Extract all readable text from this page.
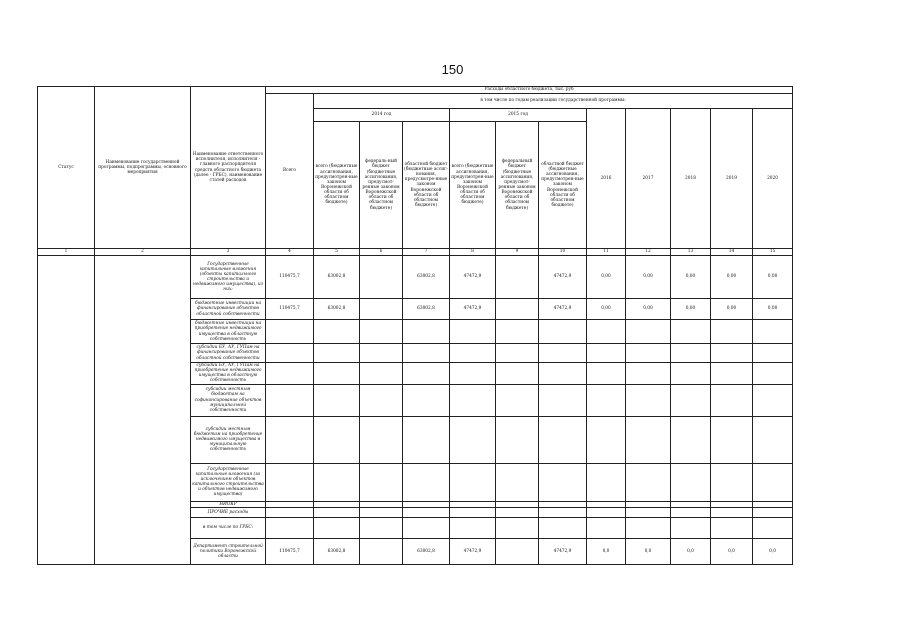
150
Статус	Наименование государственной программы, подпрограммы, основного мероприятия	Наименование ответственного исполнителя, исполнителя - главного распорядителя средств областного бюджета (далее - ГРБС), наименование статей расходов	Расходы областного бюджета, тыс. руб											
			Всего	в том числе по годам реализации государственной программы:										
				2014 год			2015 год			2016	2017	2018	2019	2020
				всего (бюджетные ассигнования, предусмотрен-ные законом Воронежской области об областном бюджете)	федераль-ный бюджет (бюджетные ассигнования, предусмот-ренные законом Воронежской области об областном бюджете)	областной бюджет (бюджетные ассиг-нования, предусмотре-нные законом Воронежской области об областном бюджете)	всего (бюджетные ассигнования, предусмотрен-ные законом Воронежской области об областном бюджете)	федеральный бюджет (бюджетные ассигнования, предусмот-ренные законом Воронежской области об областном бюджете)	областной бюджет (бюджетные ассигнования, предусмотрен-ные законом Воронежской области об областном бюджете)					
1	2	3	4	5	6	7	8	9	10	11	12	13	14	15
		Государственные капитальные вложения (объекты капитального строительства и недвижимого имущества), из них:	110475,7	63002,8		63002,8	47472,9		47472,9	0,00	0,00	0,00	0,00	0,00
		бюджетные инвестиции на финансирование объектов областной собственности	110475,7	63002,8		63002,8	47472,9		47472,9	0,00	0,00	0,00	0,00	0,00
		бюджетные инвестиции на приобретение недвижимого имущества в областную собственность												
		субсидии БУ, АУ, ГУПам на финансирование объектов областной собственности												
		субсидии БУ, АУ, ГУПам на приобретение недвижимого имущества в областную собственность												
		субсидии местным бюджетам на софинансирование объектов муниципальной собственности												
		субсидии местным бюджетам на приобретение недвижимого имущества в муниципальную собственность												
		Государственные капитальные вложения (за исключением объектов капитального строительства и объектов недвижимого имущества)												
		НИОКР												
		ПРОЧИЕ расходы												
		в том числе по ГРБС:												
		Департамент строительной политики Воронежской области	110475,7	63002,8		63002,8	47472,9		47472,9	0,0	0,0	0,0	0,0	0,0
